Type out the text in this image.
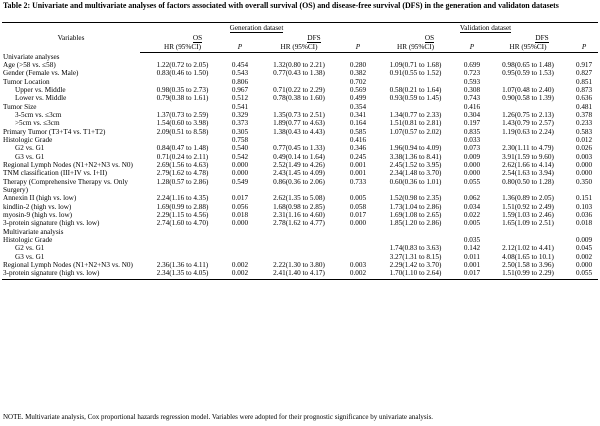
Table 2: Univariate and multivariate analyses of factors associated with overall survival (OS) and disease-free survival (DFS) in the generation and validaton datasets
Variables	Generation dataset				Validation dataset			
	OS		DFS		OS		DFS	
	HR (95%CI)	P	HR (95%CI)	P	HR (95%CI)	P	HR (95%CI)	P
Univariate analyses								
Age (>58 vs. ≤58)	1.22(0.72 to 2.05)	0.454	1.32(0.80 to 2.21)	0.280	1.09(0.71 to 1.68)	0.699	0.98(0.65 to 1.48)	0.917
Gender (Female vs. Male)	0.83(0.46 to 1.50)	0.543	0.77(0.43 to 1.38)	0.382	0.91(0.55 to 1.52)	0.723	0.95(0.59 to 1.53)	0.827
Tumor Location		0.806		0.702		0.593		0.851
Upper vs. Middle	0.98(0.35 to 2.73)	0.967	0.71(0.22 to 2.29)	0.569	0.58(0.21 to 1.64)	0.308	1.07(0.48 to 2.40)	0.873
Lower vs. Middle	0.79(0.38 to 1.61)	0.512	0.78(0.38 to 1.60)	0.499	0.93(0.59 to 1.45)	0.743	0.90(0.58 to 1.39)	0.636
Tumor Size		0.541		0.354		0.416		0.481
3-5cm vs. ≤3cm	1.37(0.73 to 2.59)	0.329	1.35(0.73 to 2.51)	0.341	1.34(0.77 to 2.33)	0.304	1.26(0.75 to 2.13)	0.378
>5cm vs. ≤3cm	1.54(0.60 to 3.98)	0.373	1.89(0.77 to 4.63)	0.164	1.51(0.81 to 2.81)	0.197	1.43(0.79 to 2.57)	0.233
Primary Tumor (T3+T4 vs. T1+T2)	2.09(0.51 to 8.58)	0.305	1.38(0.43 to 4.43)	0.585	1.07(0.57 to 2.02)	0.835	1.19(0.63 to 2.24)	0.583
Histologic Grade		0.758		0.416		0.033		0.012
G2 vs. G1	0.84(0.47 to 1.48)	0.540	0.77(0.45 to 1.33)	0.346	1.96(0.94 to 4.09)	0.073	2.30(1.11 to 4.79)	0.026
G3 vs. G1	0.71(0.24 to 2.11)	0.542	0.49(0.14 to 1.64)	0.245	3.38(1.36 to 8.41)	0.009	3.91(1.59 to 9.60)	0.003
Regional Lymph Nodes (N1+N2+N3 vs. N0)	2.69(1.56 to 4.63)	0.000	2.52(1.49 to 4.26)	0.001	2.45(1.52 to 3.95)	0.000	2.62(1.66 to 4.14)	0.000
TNM classification (III+IV vs. I+II)	2.79(1.62 to 4.78)	0.000	2.43(1.45 to 4.09)	0.001	2.34(1.48 to 3.70)	0.000	2.54(1.63 to 3.94)	0.000
Therapy (Comprehensive Therapy vs. Only Surgery)	1.28(0.57 to 2.86)	0.549	0.86(0.36 to 2.06)	0.733	0.60(0.36 to 1.01)	0.055	0.80(0.50 to 1.28)	0.350
Annexin II (high vs. low)	2.24(1.16 to 4.35)	0.017	2.62(1.35 to 5.08)	0.005	1.52(0.98 to 2.35)	0.062	1.36(0.89 to 2.05)	0.151
kindlin-2 (high vs. low)	1.69(0.99 to 2.88)	0.056	1.68(0.98 to 2.85)	0.058	1.73(1.04 to 2.86)	0.034	1.51(0.92 to 2.49)	0.103
myosin-9 (high vs. low)	2.29(1.15 to 4.56)	0.018	2.31(1.16 to 4.60)	0.017	1.69(1.08 to 2.65)	0.022	1.59(1.03 to 2.46)	0.036
3-protein signature (high vs. low)	2.74(1.60 to 4.70)	0.000	2.78(1.62 to 4.77)	0.000	1.85(1.20 to 2.86)	0.005	1.65(1.09 to 2.51)	0.018
Multivariate analysis								
Histologic Grade						0.035		0.009
G2 vs. G1					1.74(0.83 to 3.63)	0.142	2.12(1.02 to 4.41)	0.045
G3 vs. G1					3.27(1.31 to 8.15)	0.011	4.08(1.65 to 10.1)	0.002
Regional Lymph Nodes (N1+N2+N3 vs. N0)	2.36(1.36 to 4.11)	0.002	2.22(1.30 to 3.80)	0.003	2.29(1.42 to 3.70)	0.001	2.50(1.58 to 3.96)	0.000
3-protein signature (high vs. low)	2.34(1.35 to 4.05)	0.002	2.41(1.40 to 4.17)	0.002	1.70(1.10 to 2.64)	0.017	1.51(0.99 to 2.29)	0.055
NOTE. Multivariate analysis, Cox proportional hazards regression model. Variables were adopted for their prognostic significance by univariate analysis.
